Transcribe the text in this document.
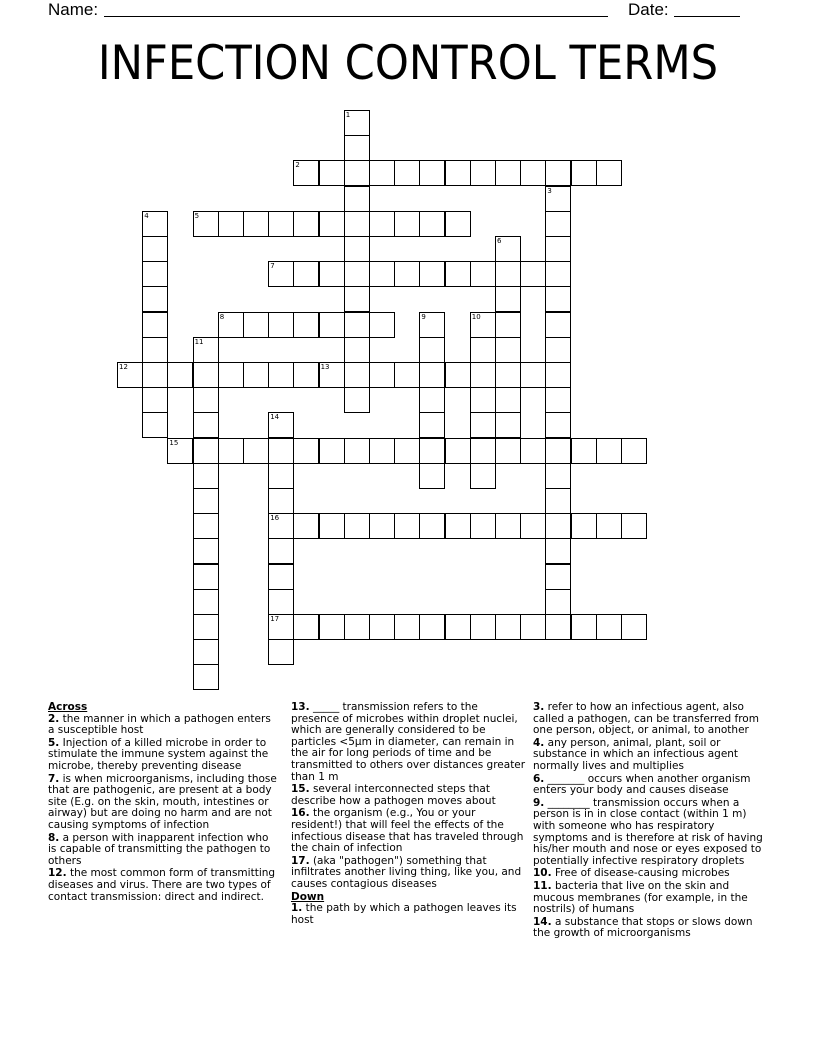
Name:	Date:
INFECTION CONTROL TERMS
1
2
3
4	5
6
7
8	9	10
11
12	13
14
16
17
15
Across
2. the manner in which a pathogen enters a susceptible host
5. Injection of a killed microbe in order to stimulate the immune system against the microbe, thereby preventing disease
7. is when microorganisms, including those that are pathogenic, are present at a body site (E.g. on the skin, mouth, intestines or airway) but are doing no harm and are not causing symptoms of infection
8. a person with inapparent infection who is capable of transmitting the pathogen to others
12. the most common form of transmitting diseases and virus. There are two types of contact transmission: direct and indirect.
13. _____ transmission refers to the presence of microbes within droplet nuclei, which are generally considered to be particles <5μm in diameter, can remain in the air for long periods of time and be transmitted to others over distances greater than 1 m
15. several interconnected steps that describe how a pathogen moves about
16. the organism (e.g., You or your resident!) that will feel the effects of the infectious disease that has traveled through the chain of infection
17. (aka "pathogen") something that infiltrates another living thing, like you, and causes contagious diseases
Down
1. the path by which a pathogen leaves its host
3. refer to how an infectious agent, also called a pathogen, can be transferred from one person, object, or animal, to another
4. any person, animal, plant, soil or substance in which an infectious agent normally lives and multiplies
6. _______ occurs when another organism enters your body and causes disease
9. ________ transmission occurs when a person is in in close contact (within 1 m) with someone who has respiratory symptoms and is therefore at risk of having his/her mouth and nose or eyes exposed to potentially infective respiratory droplets
10. Free of disease-causing microbes
11. bacteria that live on the skin and mucous membranes (for example, in the nostrils) of humans
14. a substance that stops or slows down the growth of microorganisms
